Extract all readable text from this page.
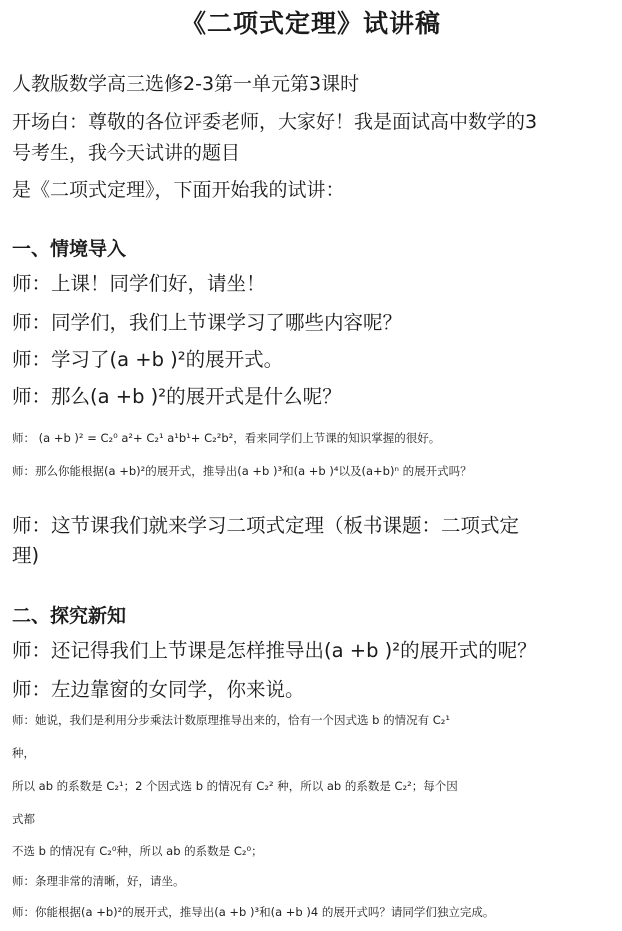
《二项式定理》试讲稿
人教版数学高三选修2-3第一单元第3课时
开场白：尊敬的各位评委老师，大家好！我是面试高中数学的3
号考生，我今天试讲的题目
是《二项式定理》，下面开始我的试讲：
一、情境导入
师：上课！同学们好，请坐！
师：同学们，我们上节课学习了哪些内容呢？
师：学习了(a +b )²的展开式。
师：那么(a +b )²的展开式是什么呢？
师： (a +b )² = C₂⁰ a²+ C₂¹ a¹b¹+ C₂²b²，看来同学们上节课的知识掌握的很好。
师：那么你能根据(a +b)²的展开式，推导出(a +b )³和(a +b )⁴以及(a+b)ⁿ 的展开式吗？
师：这节课我们就来学习二项式定理（板书课题：二项式定
理)
二、探究新知
师：还记得我们上节课是怎样推导出(a +b )²的展开式的呢？
师：左边靠窗的女同学，你来说。
师：她说，我们是利用分步乘法计数原理推导出来的，恰有一个因式选 b 的情况有 C₂¹
种，
所以 ab 的系数是 C₂¹；2 个因式选 b 的情况有 C₂² 种，所以 ab 的系数是 C₂²；每个因
式都
不选 b 的情况有 C₂⁰种，所以 ab 的系数是 C₂⁰；
师：条理非常的清晰，好，请坐。
师：你能根据(a +b)²的展开式，推导出(a +b )³和(a +b )4 的展开式吗？请同学们独立完成。
